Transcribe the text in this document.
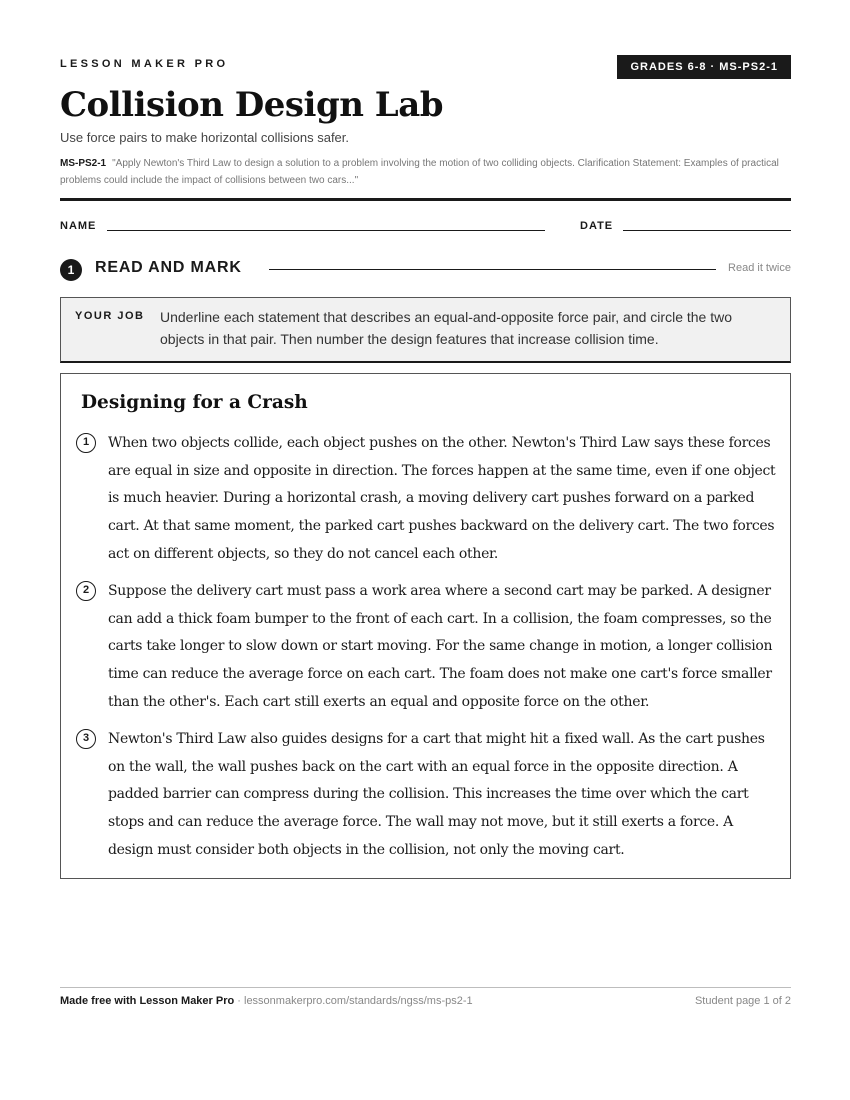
LESSON MAKER PRO	GRADES 6-8 · MS-PS2-1
Collision Design Lab
Use force pairs to make horizontal collisions safer.
MS-PS2-1 "Apply Newton's Third Law to design a solution to a problem involving the motion of two colliding objects. Clarification Statement: Examples of practical problems could include the impact of collisions between two cars..."
NAME	DATE
1	READ AND MARK	Read it twice
YOUR JOB Underline each statement that describes an equal-and-opposite force pair, and circle the two objects in that pair. Then number the design features that increase collision time.
Designing for a Crash
1	When two objects collide, each object pushes on the other. Newton's Third Law says these forces are equal in size and opposite in direction. The forces happen at the same time, even if one object is much heavier. During a horizontal crash, a moving delivery cart pushes forward on a parked cart. At that same moment, the parked cart pushes backward on the delivery cart. The two forces act on different objects, so they do not cancel each other.
2	Suppose the delivery cart must pass a work area where a second cart may be parked. A designer can add a thick foam bumper to the front of each cart. In a collision, the foam compresses, so the carts take longer to slow down or start moving. For the same change in motion, a longer collision time can reduce the average force on each cart. The foam does not make one cart's force smaller than the other's. Each cart still exerts an equal and opposite force on the other.
3	Newton's Third Law also guides designs for a cart that might hit a fixed wall. As the cart pushes on the wall, the wall pushes back on the cart with an equal force in the opposite direction. A padded barrier can compress during the collision. This increases the time over which the cart stops and can reduce the average force. The wall may not move, but it still exerts a force. A design must consider both objects in the collision, not only the moving cart.
Made free with Lesson Maker Pro · lessonmakerpro.com/standards/ngss/ms-ps2-1	Student page 1 of 2
